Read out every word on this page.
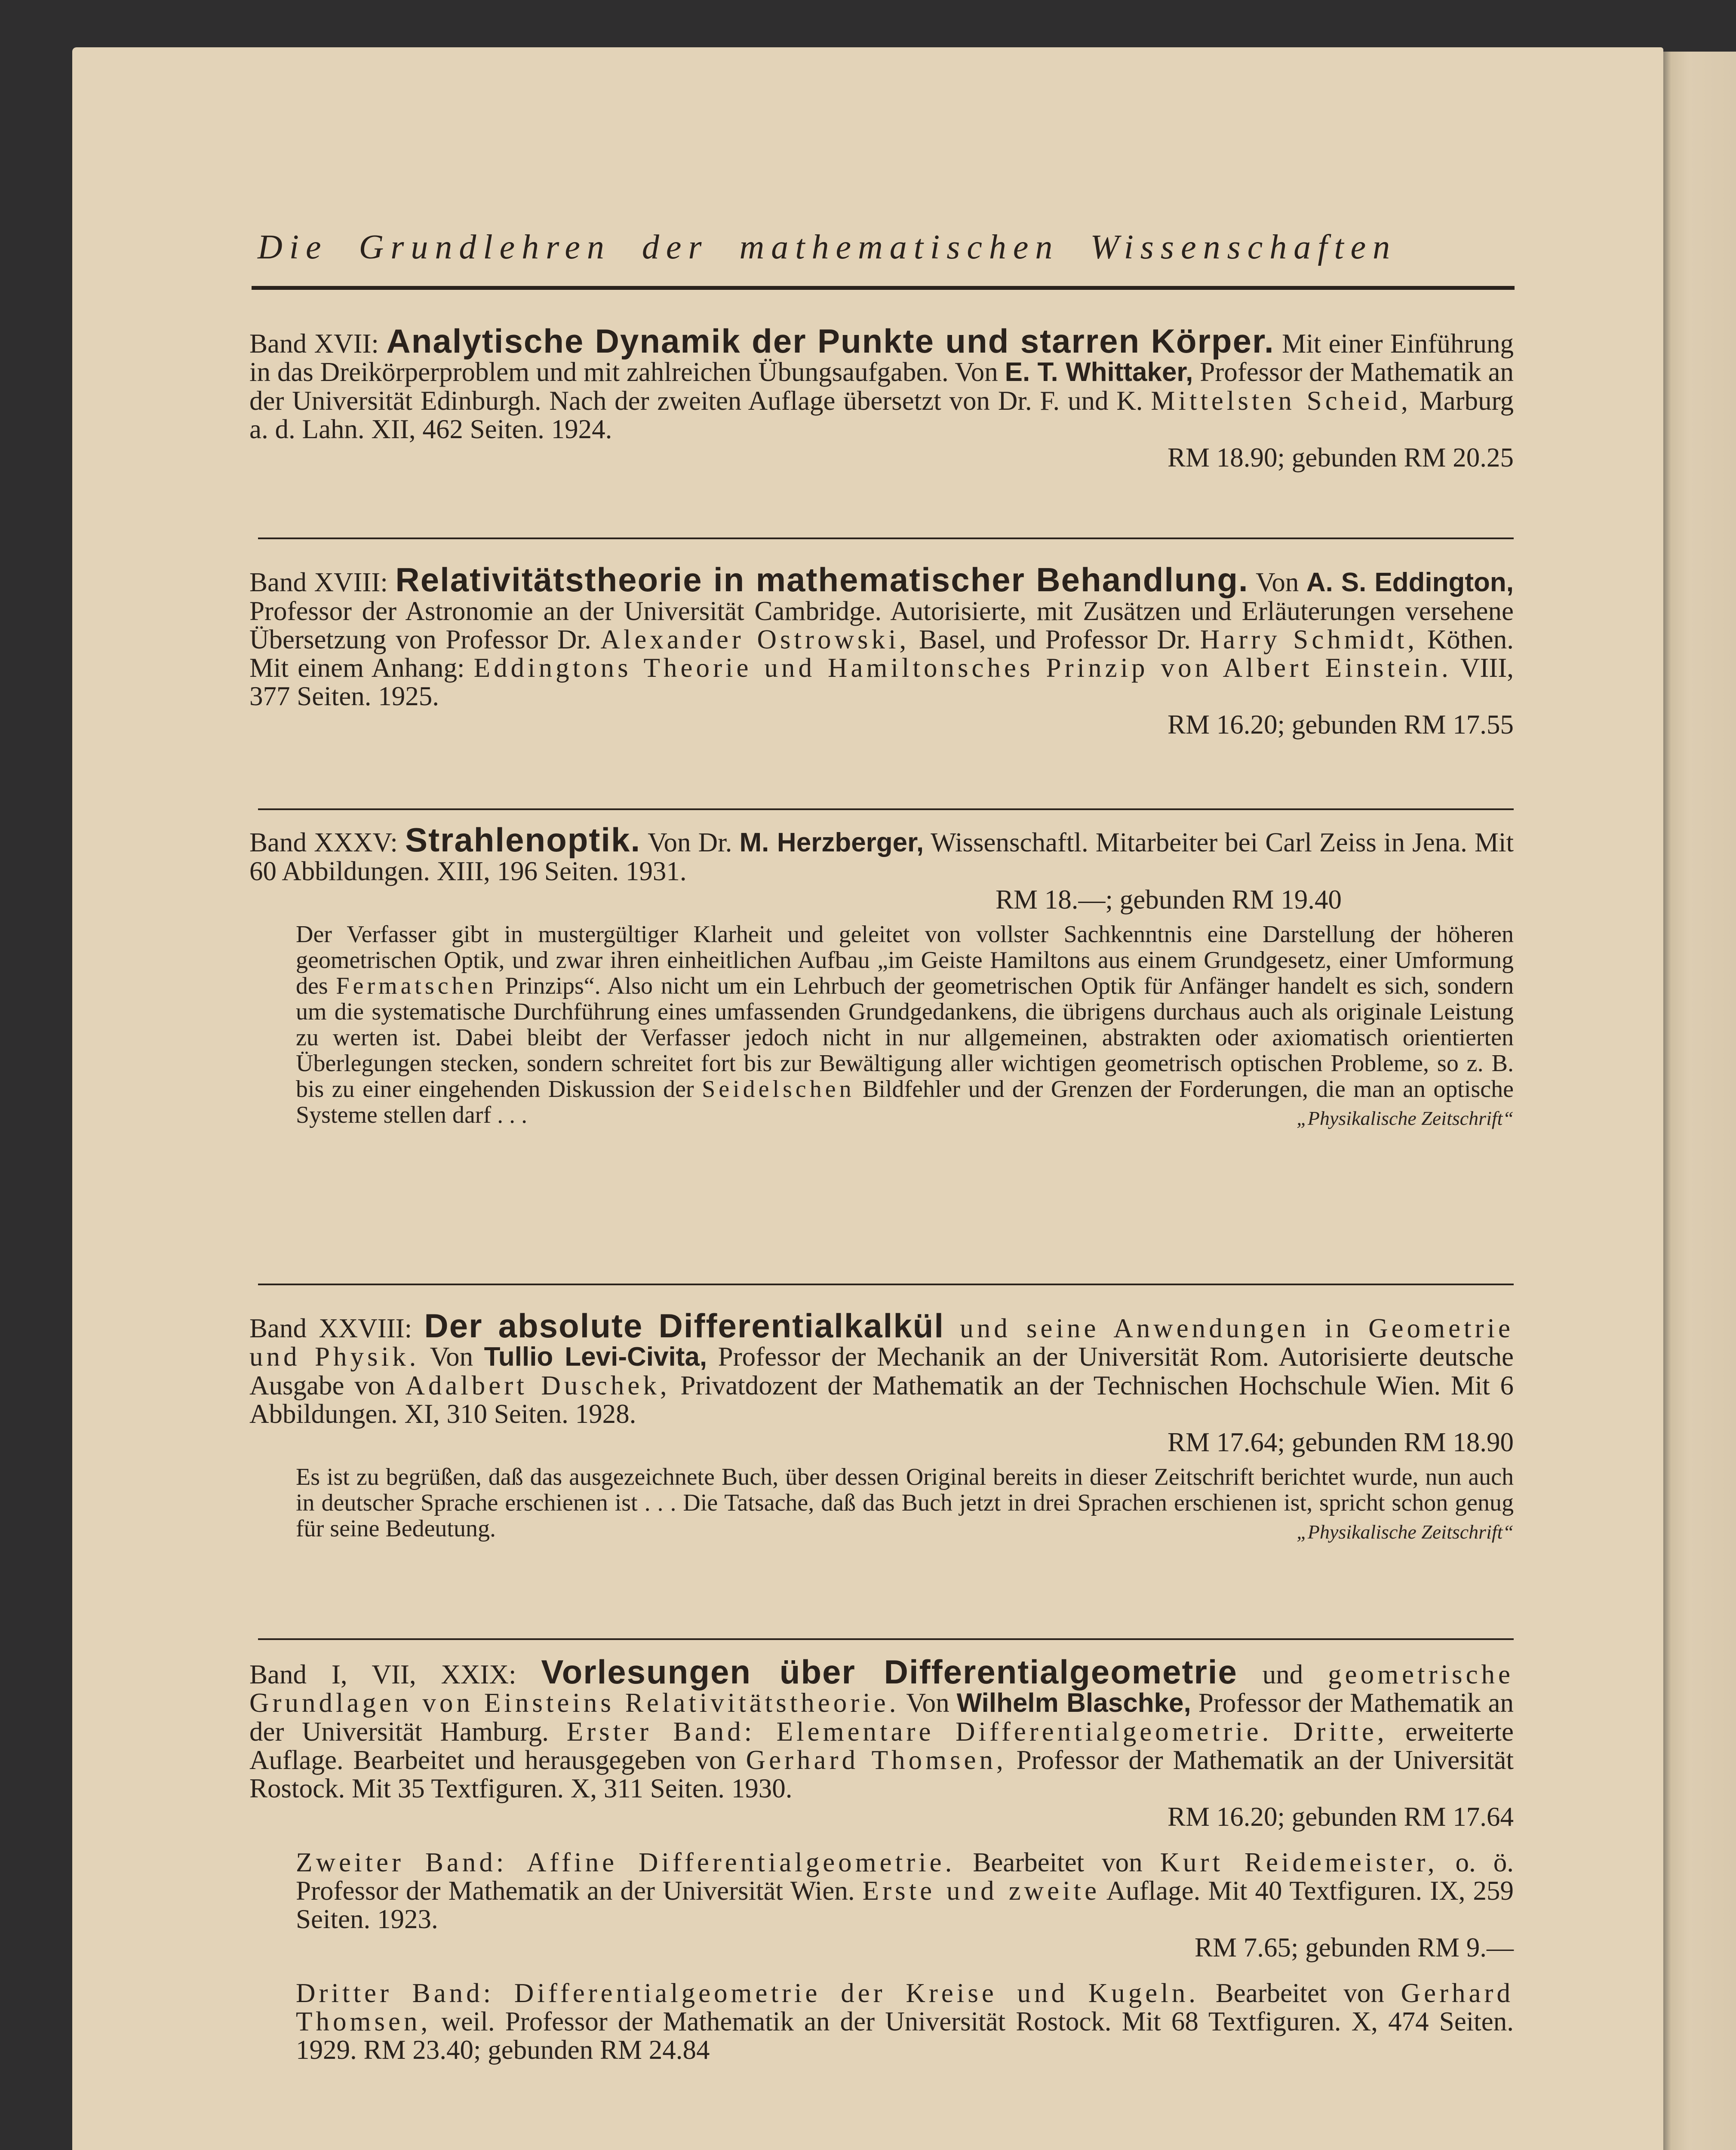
Die Grundlehren der mathematischen Wissenschaften

Band XVII: Analytische Dynamik der Punkte und starren Körper. Mit einer Einführung in das Dreikörperproblem und mit zahlreichen Übungsaufgaben. Von E. T. Whittaker, Professor der Mathematik an der Universität Edinburgh. Nach der zweiten Auflage übersetzt von Dr. F. und K. Mittelsten Scheid, Marburg a. d. Lahn. XII, 462 Seiten. 1924.

RM 18.90; gebunden RM 20.25

Band XVIII: Relativitätstheorie in mathematischer Behandlung. Von A. S. Eddington, Professor der Astronomie an der Universität Cambridge. Autorisierte, mit Zusätzen und Erläuterungen versehene Übersetzung von Professor Dr. Alexander Ostrowski, Basel, und Professor Dr. Harry Schmidt, Köthen. Mit einem Anhang: Eddingtons Theorie und Hamiltonsches Prinzip von Albert Einstein. VIII, 377 Seiten. 1925.

RM 16.20; gebunden RM 17.55

Band XXXV: Strahlenoptik. Von Dr. M. Herzberger, Wissenschaftl. Mitarbeiter bei Carl Zeiss in Jena. Mit 60 Abbildungen. XIII, 196 Seiten. 1931.

RM 18.—; gebunden RM 19.40

Der Verfasser gibt in mustergültiger Klarheit und geleitet von vollster Sachkenntnis eine Darstellung der höheren geometrischen Optik, und zwar ihren einheitlichen Aufbau „im Geiste Hamiltons aus einem Grundgesetz, einer Umformung des Fermatschen Prinzips“. Also nicht um ein Lehrbuch der geometrischen Optik für Anfänger handelt es sich, sondern um die systematische Durchführung eines umfassenden Grundgedankens, die übrigens durchaus auch als originale Leistung zu werten ist. Dabei bleibt der Verfasser jedoch nicht in nur allgemeinen, abstrakten oder axiomatisch orientierten Überlegungen stecken, sondern schreitet fort bis zur Bewältigung aller wichtigen geometrisch optischen Probleme, so z. B. bis zu einer eingehenden Diskussion der Seidelschen Bildfehler und der Grenzen der Forderungen, die man an optische Systeme stellen darf . . .	„Physikalische Zeitschrift“

Band XXVIII: Der absolute Differentialkalkül und seine Anwendungen in Geometrie und Physik. Von Tullio Levi-Civita, Professor der Mechanik an der Universität Rom. Autorisierte deutsche Ausgabe von Adalbert Duschek, Privatdozent der Mathematik an der Technischen Hochschule Wien. Mit 6 Abbildungen. XI, 310 Seiten. 1928.

RM 17.64; gebunden RM 18.90

Es ist zu begrüßen, daß das ausgezeichnete Buch, über dessen Original bereits in dieser Zeitschrift berichtet wurde, nun auch in deutscher Sprache erschienen ist . . . Die Tatsache, daß das Buch jetzt in drei Sprachen erschienen ist, spricht schon genug für seine Bedeutung.	„Physikalische Zeitschrift“

Band I, VII, XXIX: Vorlesungen über Differentialgeometrie und geometrische Grundlagen von Einsteins Relativitätstheorie. Von Wilhelm Blaschke, Professor der Mathematik an der Universität Hamburg. Erster Band: Elementare Differentialgeometrie. Dritte, erweiterte Auflage. Bearbeitet und herausgegeben von Gerhard Thomsen, Professor der Mathematik an der Universität Rostock. Mit 35 Textfiguren. X, 311 Seiten. 1930.

RM 16.20; gebunden RM 17.64

Zweiter Band: Affine Differentialgeometrie. Bearbeitet von Kurt Reidemeister, o. ö. Professor der Mathematik an der Universität Wien. Erste und zweite Auflage. Mit 40 Textfiguren. IX, 259 Seiten. 1923.

RM 7.65; gebunden RM 9.—

Dritter Band: Differentialgeometrie der Kreise und Kugeln. Bearbeitet von Gerhard Thomsen, weil. Professor der Mathematik an der Universität Rostock. Mit 68 Textfiguren. X, 474 Seiten. 1929. RM 23.40; gebunden RM 24.84
